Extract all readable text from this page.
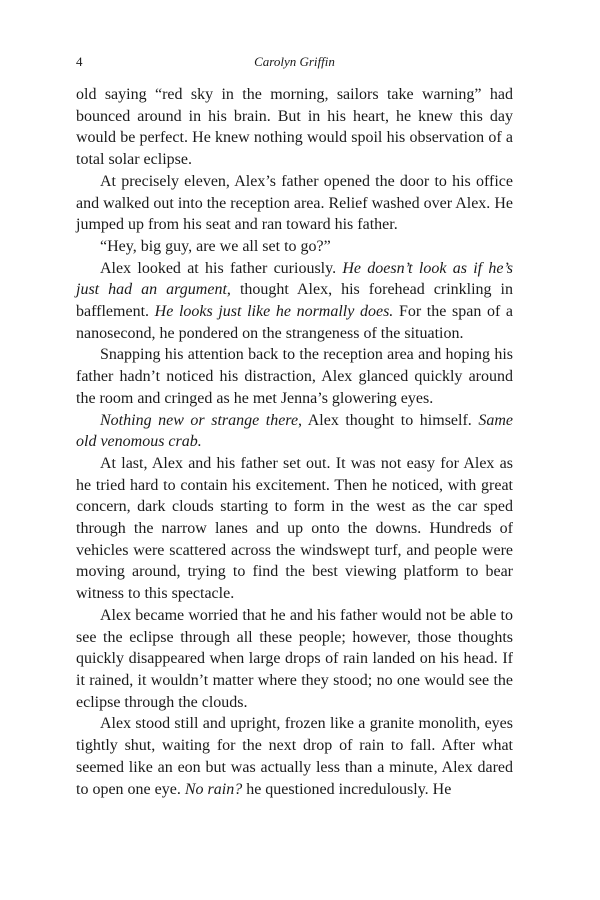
4	Carolyn Griffin

old saying “red sky in the morning, sailors take warning” had bounced around in his brain. But in his heart, he knew this day would be perfect. He knew nothing would spoil his observation of a total solar eclipse.

At precisely eleven, Alex’s father opened the door to his office and walked out into the reception area. Relief washed over Alex. He jumped up from his seat and ran toward his father.

“Hey, big guy, are we all set to go?”

Alex looked at his father curiously. He doesn’t look as if he’s just had an argument, thought Alex, his forehead crinkling in bafflement. He looks just like he normally does. For the span of a nanosecond, he pondered on the strangeness of the situation.

Snapping his attention back to the reception area and hoping his father hadn’t noticed his distraction, Alex glanced quickly around the room and cringed as he met Jenna’s glowering eyes.

Nothing new or strange there, Alex thought to himself. Same old venomous crab.

At last, Alex and his father set out. It was not easy for Alex as he tried hard to contain his excitement. Then he noticed, with great concern, dark clouds starting to form in the west as the car sped through the narrow lanes and up onto the downs. Hundreds of vehicles were scattered across the windswept turf, and people were moving around, trying to find the best viewing platform to bear witness to this spectacle.

Alex became worried that he and his father would not be able to see the eclipse through all these people; however, those thoughts quickly disappeared when large drops of rain landed on his head. If it rained, it wouldn’t matter where they stood; no one would see the eclipse through the clouds.

Alex stood still and upright, frozen like a granite monolith, eyes tightly shut, waiting for the next drop of rain to fall. After what seemed like an eon but was actually less than a minute, Alex dared to open one eye. No rain? he questioned incredulously. He
